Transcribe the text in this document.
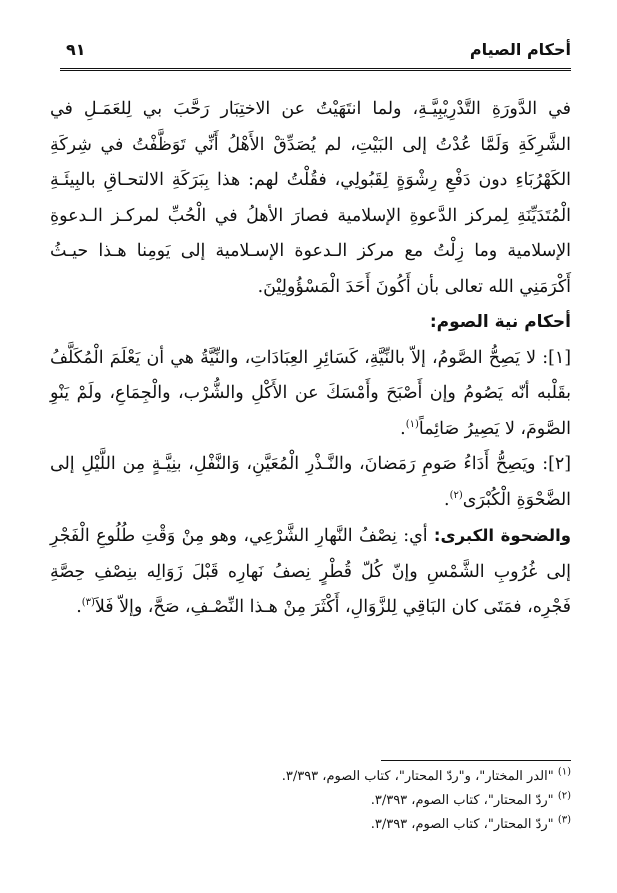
أحكام الصيام
٩١

في الدَّورَةِ التَّدْرِيْبِيَّـةِ، ولما انتَهَيْتُ عن الاختِبَار رَحَّبَ بي لِلعَمَـلِ في الشَّرِكَةِ وَلَمَّا عُدْتُ إلى البَيْتِ، لم يُصَدِّقْ الأَهْلُ أَنِّي تَوَظَّفْتُ في شِركَةِ الكَهْرُبَاءِ دون دَفْعِ رِشْوَةٍ لِقَبُولِي، فقُلْتُ لهم: هذا بِبَرَكَةِ الالتحـاقِ بالبِيئَـةِ الْمُتَدَيِّنَةِ لِمركز الدَّعوةِ الإسلامية فصارَ الأهلُ في الْحُبِّ لمركـز الـدعوةِ الإسلامية وما زِلْتُ مع مركز الـدعوة الإسـلامية إلى يَومِنا هـذا حيـثُ أَكْرَمَنِي الله تعالى بأن أَكُونَ أَحَدَ الْمَسْؤُولِيْنَ.

أحكام نية الصوم:

[١]: لا يَصِحُّ الصَّومُ، إلاّ بالنِّيَّةِ، كَسَائِرِ العِبَادَاتِ، والنِّيَّةُ هي أن يَعْلَمَ الْمُكَلَّفُ بقَلْبه أنّه يَصُومُ وإن أَصْبَحَ وأَمْسَكَ عن الأَكْلِ والشُّرْب، والْجِمَاعِ، ولَمْ يَنْوِ الصَّومَ، لا يَصِيرُ صَائِماً$^{(١)}$.

[٢]: ويَصِحُّ أَدَاءُ صَومِ رَمَضانَ، والنَّـذْرِ الْمُعَيَّنِ، وَالنَّفْلِ، بنِيَّـةٍ مِن اللَّيْلِ إلى الضَّحْوَةِ الْكُبْرَى$^{(٢)}$.

والضحوة الكبرى: أي: نِصْفُ النَّهارِ الشَّرْعِي، وهو مِنْ وَقْتِ طُلُوعِ الْفَجْرِ إلى غُرُوبِ الشَّمْسِ وإنّ كُلّ قُطْرٍ نِصفُ نَهارِه قَبْلَ زَوَالِه بنِصْفِ حِصَّةِ فَجْرِه، فمَتَى كان البَاقِي لِلزَّوَالِ، أَكْثَرَ مِنْ هـذا النِّصْـفِ، صَحَّ، وإلاّ فَلاَ$^{(٣)}$.

$^{(١)}$ "الدر المختار"، و"ردّ المحتار"، كتاب الصوم، ٣/٣٩٣.

$^{(٢)}$ "ردّ المحتار"، كتاب الصوم، ٣/٣٩٣.

$^{(٣)}$ "ردّ المحتار"، كتاب الصوم، ٣/٣٩٣.
